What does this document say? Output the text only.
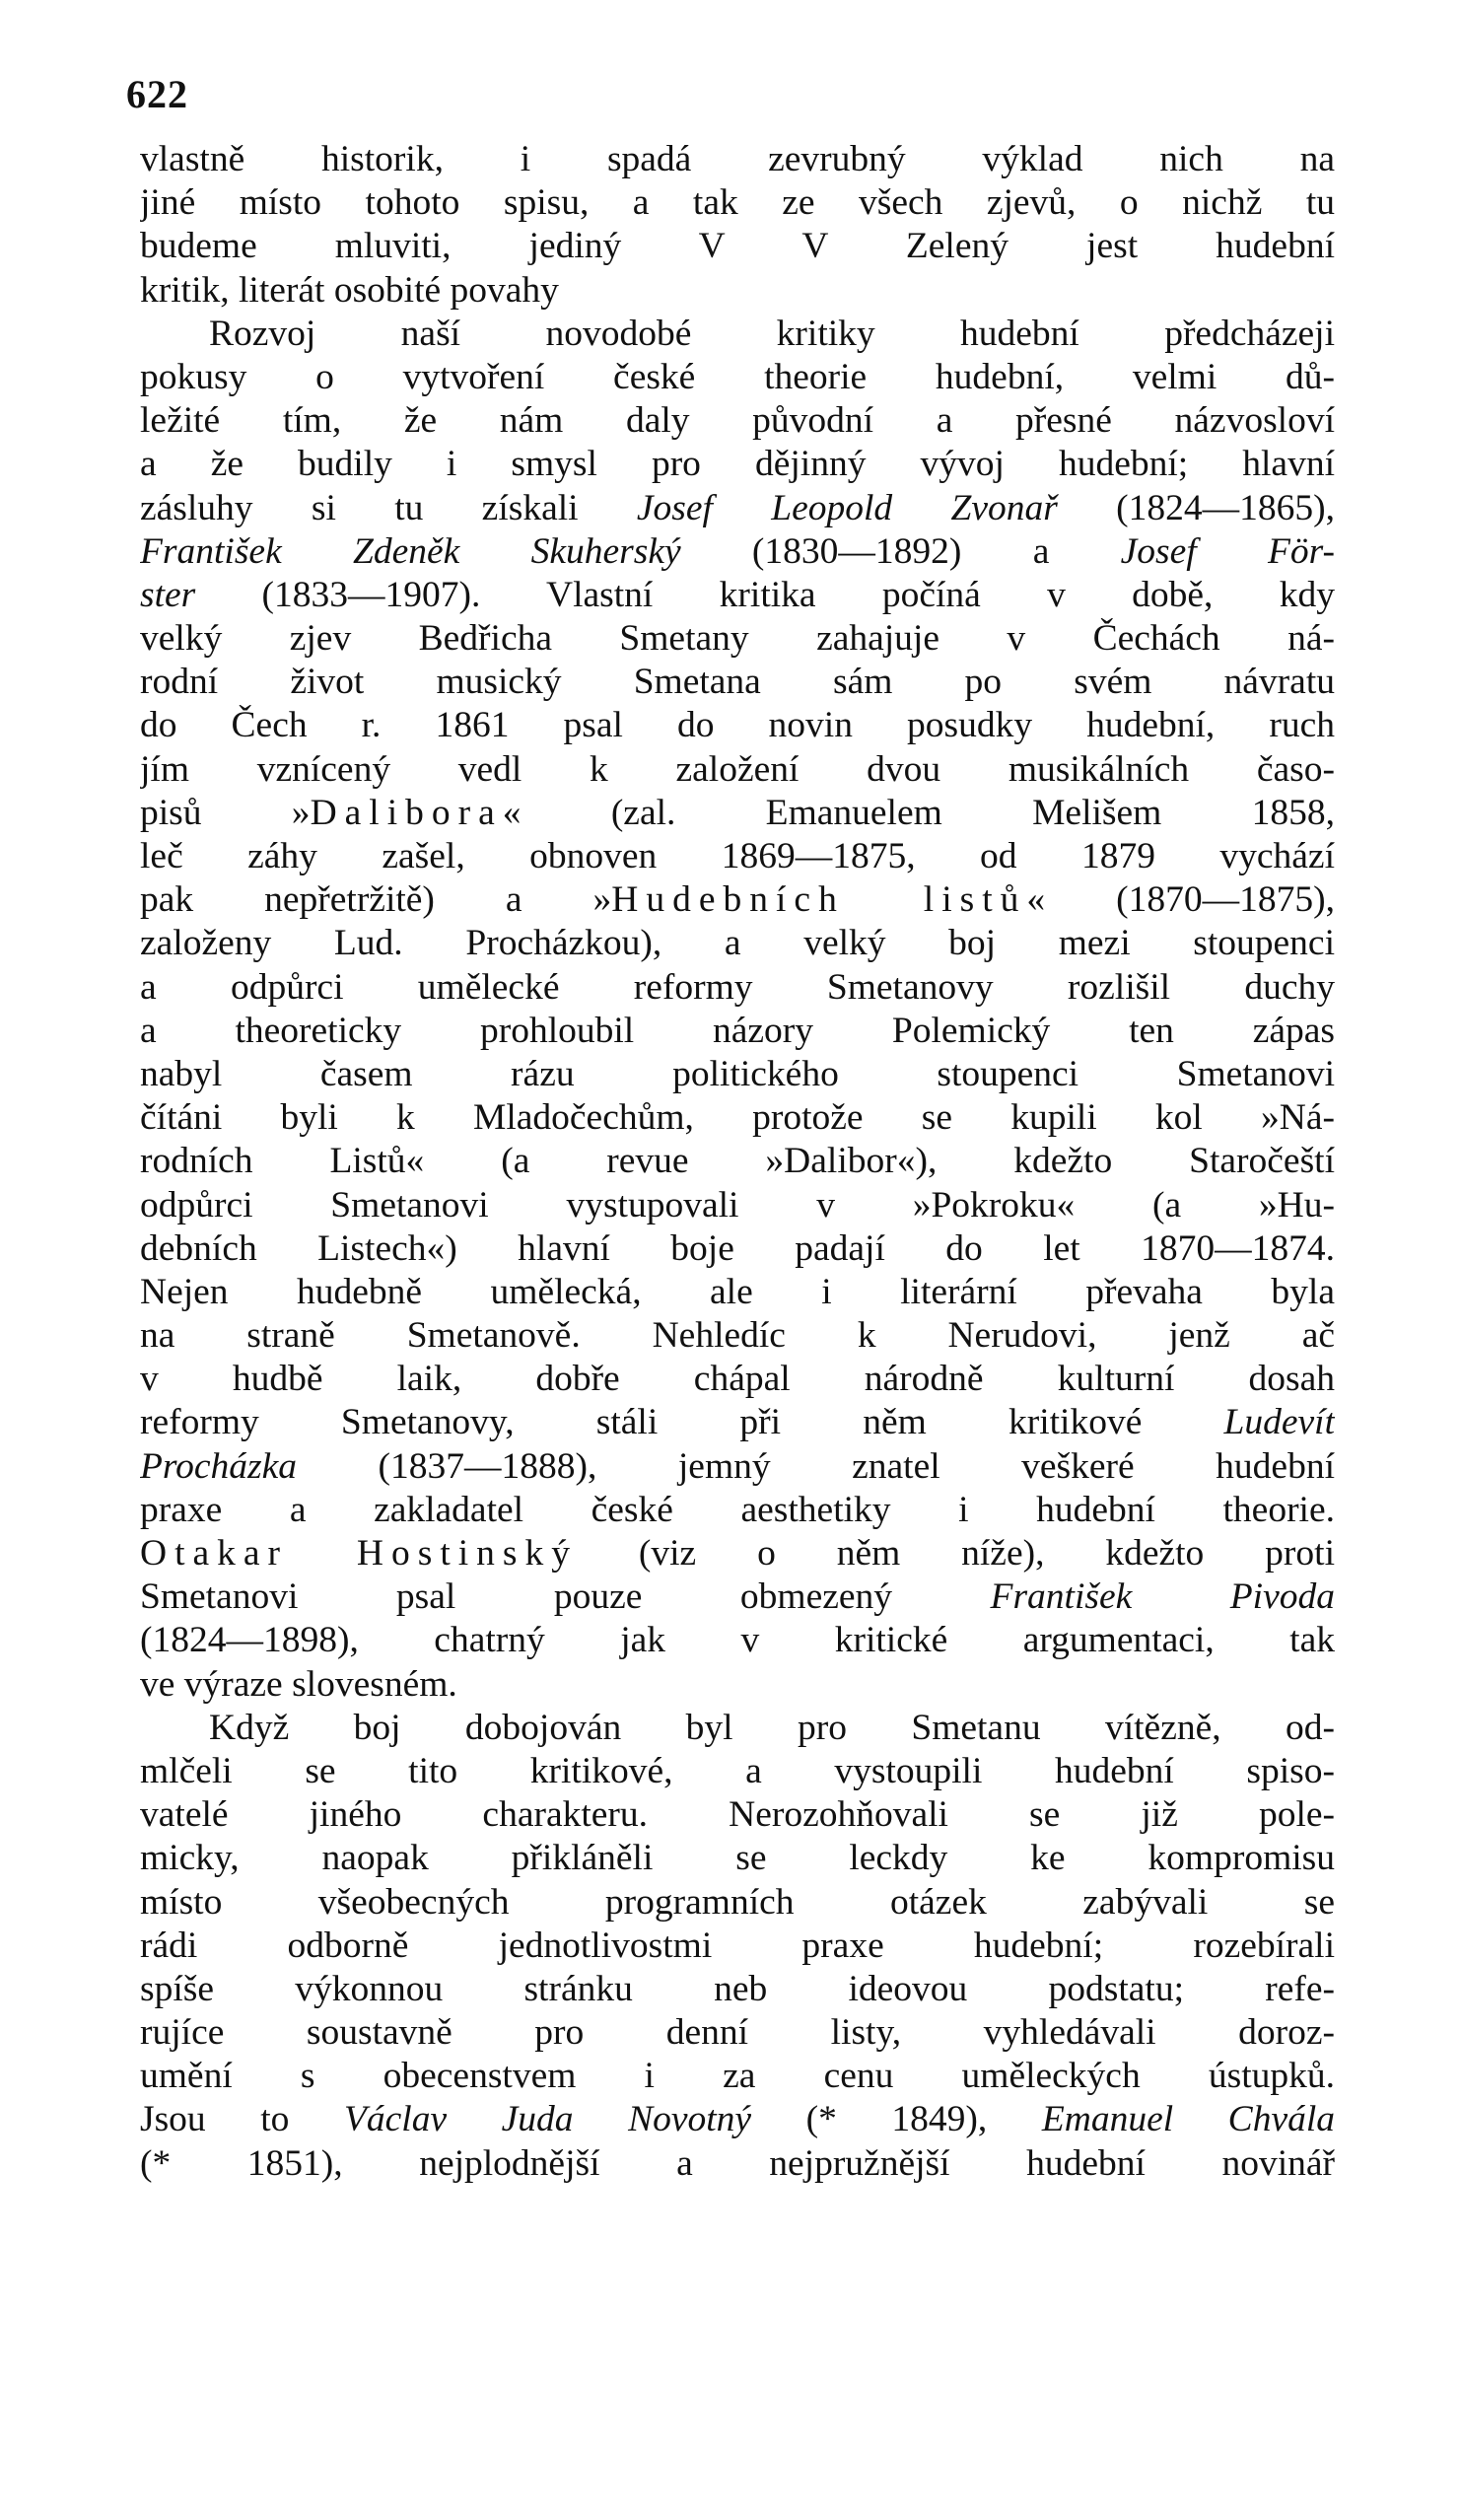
622
vlastně historik, i spadá zevrubný výklad nich na
jiné místo tohoto spisu, a tak ze všech zjevů, o nichž tu
budeme mluviti, jediný V V Zelený jest hudební
kritik, literát osobité povahy
Rozvoj naší novodobé kritiky hudební předcházeji
pokusy o vytvoření české theorie hudební, velmi dů-
ležité tím, že nám daly původní a přesné názvosloví
a že budily i smysl pro dějinný vývoj hudební; hlavní
zásluhy si tu získali Josef Leopold Zvonař (1824—1865),
František Zdeněk Skuherský (1830—1892) a Josef För-
ster (1833—1907). Vlastní kritika počíná v době, kdy
velký zjev Bedřicha Smetany zahajuje v Čechách ná-
rodní život musický Smetana sám po svém návratu
do Čech r. 1861 psal do novin posudky hudební, ruch
jím vznícený vedl k založení dvou musikálních časo-
pisů »Dalibora« (zal. Emanuelem Melišem 1858,
leč záhy zašel, obnoven 1869—1875, od 1879 vychází
pak nepřetržitě) a »Hudebních listů« (1870—1875),
založeny Lud. Procházkou), a velký boj mezi stoupenci
a odpůrci umělecké reformy Smetanovy rozlišil duchy
a theoreticky prohloubil názory Polemický ten zápas
nabyl časem rázu politického stoupenci Smetanovi
čítáni byli k Mladočechům, protože se kupili kol »Ná-
rodních Listů« (a revue »Dalibor«), kdežto Staročeští
odpůrci Smetanovi vystupovali v »Pokroku« (a »Hu-
debních Listech«) hlavní boje padají do let 1870—1874.
Nejen hudebně umělecká, ale i literární převaha byla
na straně Smetanově. Nehledíc k Nerudovi, jenž ač
v hudbě laik, dobře chápal národně kulturní dosah
reformy Smetanovy, stáli při něm kritikové Ludevít
Procházka (1837—1888), jemný znatel veškeré hudební
praxe a zakladatel české aesthetiky i hudební theorie.
Otakar Hostinský (viz o něm níže), kdežto proti
Smetanovi psal pouze obmezený František Pivoda
(1824—1898), chatrný jak v kritické argumentaci, tak
ve výraze slovesném.
Když boj dobojován byl pro Smetanu vítězně, od-
mlčeli se tito kritikové, a vystoupili hudební spiso-
vatelé jiného charakteru. Nerozohňovali se již pole-
micky, naopak přikláněli se leckdy ke kompromisu
místo všeobecných programních otázek zabývali se
rádi odborně jednotlivostmi praxe hudební; rozebírali
spíše výkonnou stránku neb ideovou podstatu; refe-
rujíce soustavně pro denní listy, vyhledávali doroz-
umění s obecenstvem i za cenu uměleckých ústupků.
Jsou to Václav Juda Novotný (* 1849), Emanuel Chvála
(* 1851), nejplodnější a nejpružnější hudební novinář
